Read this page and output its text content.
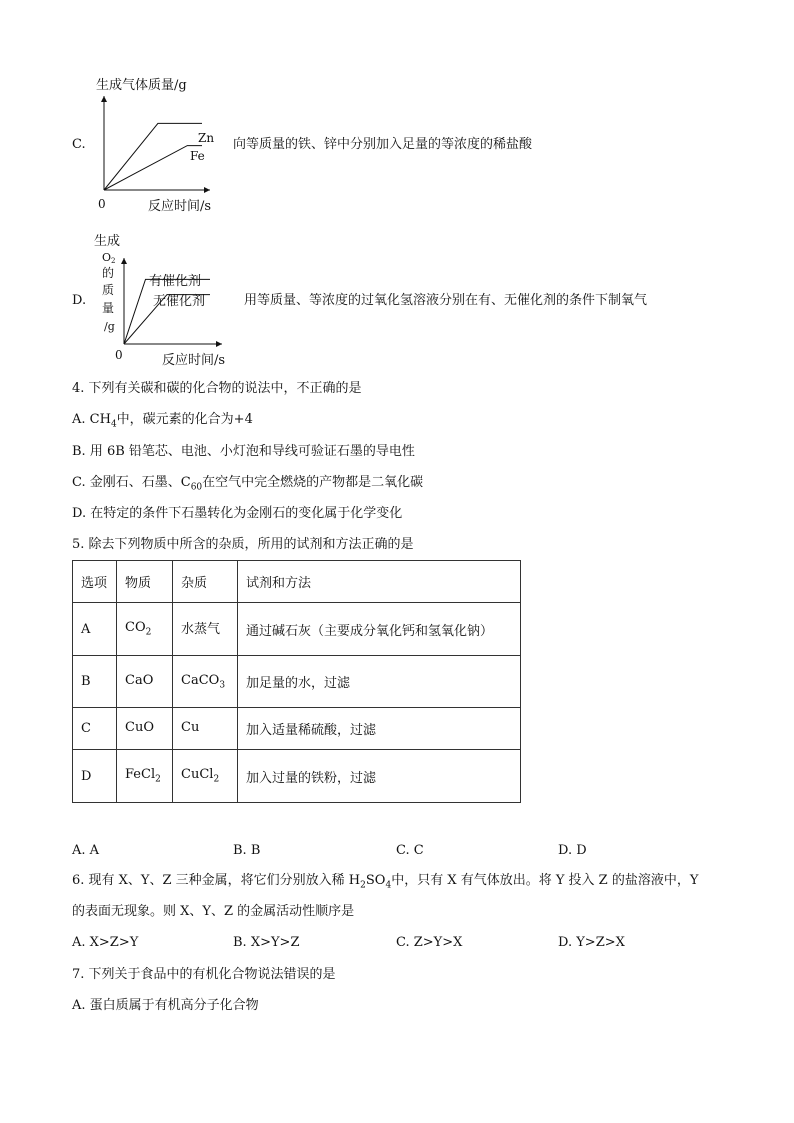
C.
生成气体质量/g
Zn
Fe
0	反应时间/s
向等质量的铁、锌中分别加入足量的等浓度的稀盐酸
D.
生成
O2
的
质
量
/g
有催化剂
无催化剂
0	反应时间/s
用等质量、等浓度的过氧化氢溶液分别在有、无催化剂的条件下制氧气
4. 下列有关碳和碳的化合物的说法中，不正确的是
A. $CH_4$中，碳元素的化合为+4
B. 用 6B 铅笔芯、电池、小灯泡和导线可验证石墨的导电性
C. 金刚石、石墨、$C_{60}$在空气中完全燃烧的产物都是二氧化碳
D. 在特定的条件下石墨转化为金刚石的变化属于化学变化
5. 除去下列物质中所含的杂质，所用的试剂和方法正确的是
选项	物质	杂质	试剂和方法
A	$CO_2$	水蒸气	通过碱石灰（主要成分氧化钙和氢氧化钠）
B	CaO	CaCO$_3$	加足量的水，过滤
C	CuO	Cu	加入适量稀硫酸，过滤
D	FeCl$_2$	CuCl$_2$	加入过量的铁粉，过滤
A. A	B. B	C. C	D. D
6. 现有 X、Y、Z 三种金属，将它们分别放入稀 $H_2SO_4$中，只有 X 有气体放出。将 Y 投入 Z 的盐溶液中，Y
的表面无现象。则 X、Y、Z 的金属活动性顺序是
A. X>Z>Y	B. X>Y>Z	C. Z>Y>X	D. Y>Z>X
7. 下列关于食品中的有机化合物说法错误的是
A. 蛋白质属于有机高分子化合物
